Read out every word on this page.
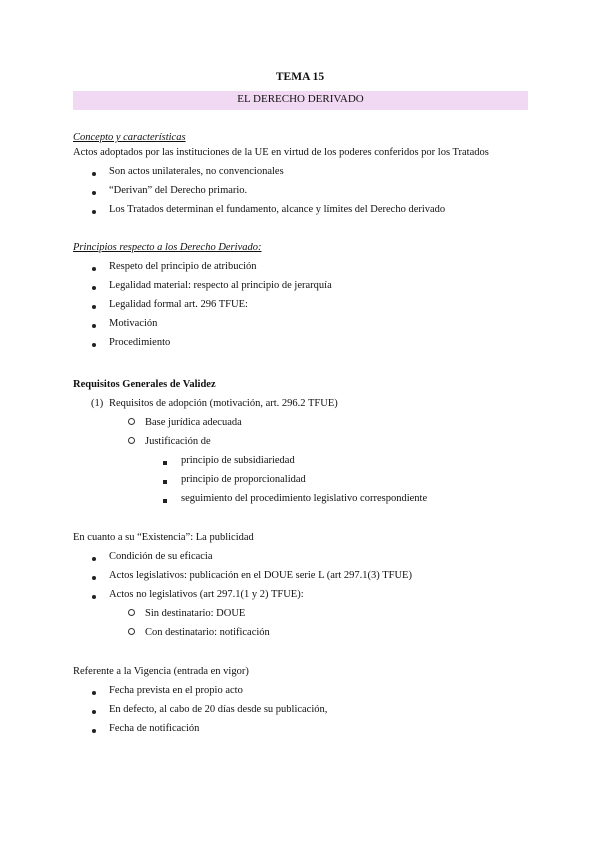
TEMA 15
EL DERECHO DERIVADO
Concepto y características
Actos adoptados por las instituciones de la UE en virtud de los poderes conferidos por los Tratados
Son actos unilaterales, no convencionales
“Derivan” del Derecho primario.
Los Tratados determinan el fundamento, alcance y límites del Derecho derivado
Principios respecto a los Derecho Derivado:
Respeto del principio de atribución
Legalidad material: respecto al principio de jerarquía
Legalidad formal art. 296 TFUE:
Motivación
Procedimiento
Requisitos Generales de Validez
(1) Requisitos de adopción (motivación, art. 296.2 TFUE)
Base jurídica adecuada
Justificación de
principio de subsidiariedad
principio de proporcionalidad
seguimiento del procedimiento legislativo correspondiente
En cuanto a su “Existencia”: La publicidad
Condición de su eficacia
Actos legislativos: publicación en el DOUE serie L (art 297.1(3) TFUE)
Actos no legislativos (art 297.1(1 y 2) TFUE):
Sin destinatario: DOUE
Con destinatario: notificación
Referente a la Vigencia (entrada en vigor)
Fecha prevista en el propio acto
En defecto, al cabo de 20 días desde su publicación,
Fecha de notificación
